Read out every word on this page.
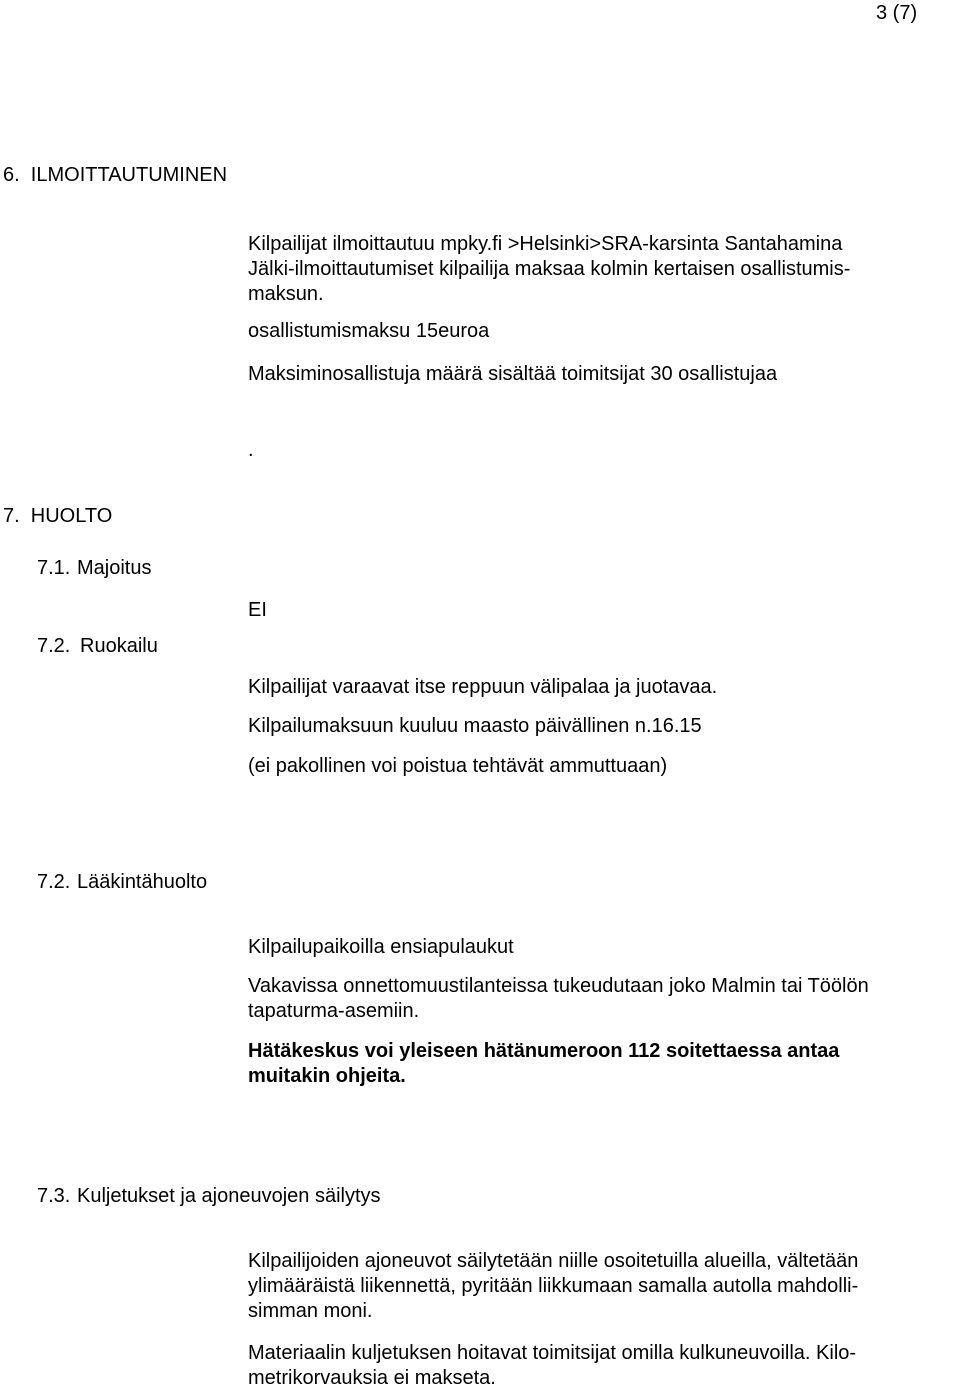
3 (7)

6.  ILMOITTAUTUMINEN

Kilpailijat ilmoittautuu mpky.fi >Helsinki>SRA-karsinta Santahamina
Jälki-ilmoittautumiset kilpailija maksaa kolmin kertaisen osallistumis-
maksun.

osallistumismaksu 15euroa

Maksiminosallistuja määrä sisältää toimitsijat 30 osallistujaa

.

7.  HUOLTO

7.1. Majoitus

EI

7.2. Ruokailu

Kilpailijat varaavat itse reppuun välipalaa ja juotavaa.

Kilpailumaksuun kuuluu maasto päivällinen n.16.15

(ei pakollinen voi poistua tehtävät ammuttuaan)

7.2. Lääkintähuolto

Kilpailupaikoilla ensiapulaukut

Vakavissa onnettomuustilanteissa tukeudutaan joko Malmin tai Töölön
tapaturma-asemiin.
Hätäkeskus voi yleiseen hätänumeroon 112 soitettaessa antaa
muitakin ohjeita.

7.3. Kuljetukset ja ajoneuvojen säilytys

Kilpailijoiden ajoneuvot säilytetään niille osoitetuilla alueilla, vältetään
ylimääräistä liikennettä, pyritään liikkumaan samalla autolla mahdolli-
simman moni.
Materiaalin kuljetuksen hoitavat toimitsijat omilla kulkuneuvoilla. Kilo-
metrikorvauksia ei makseta.
